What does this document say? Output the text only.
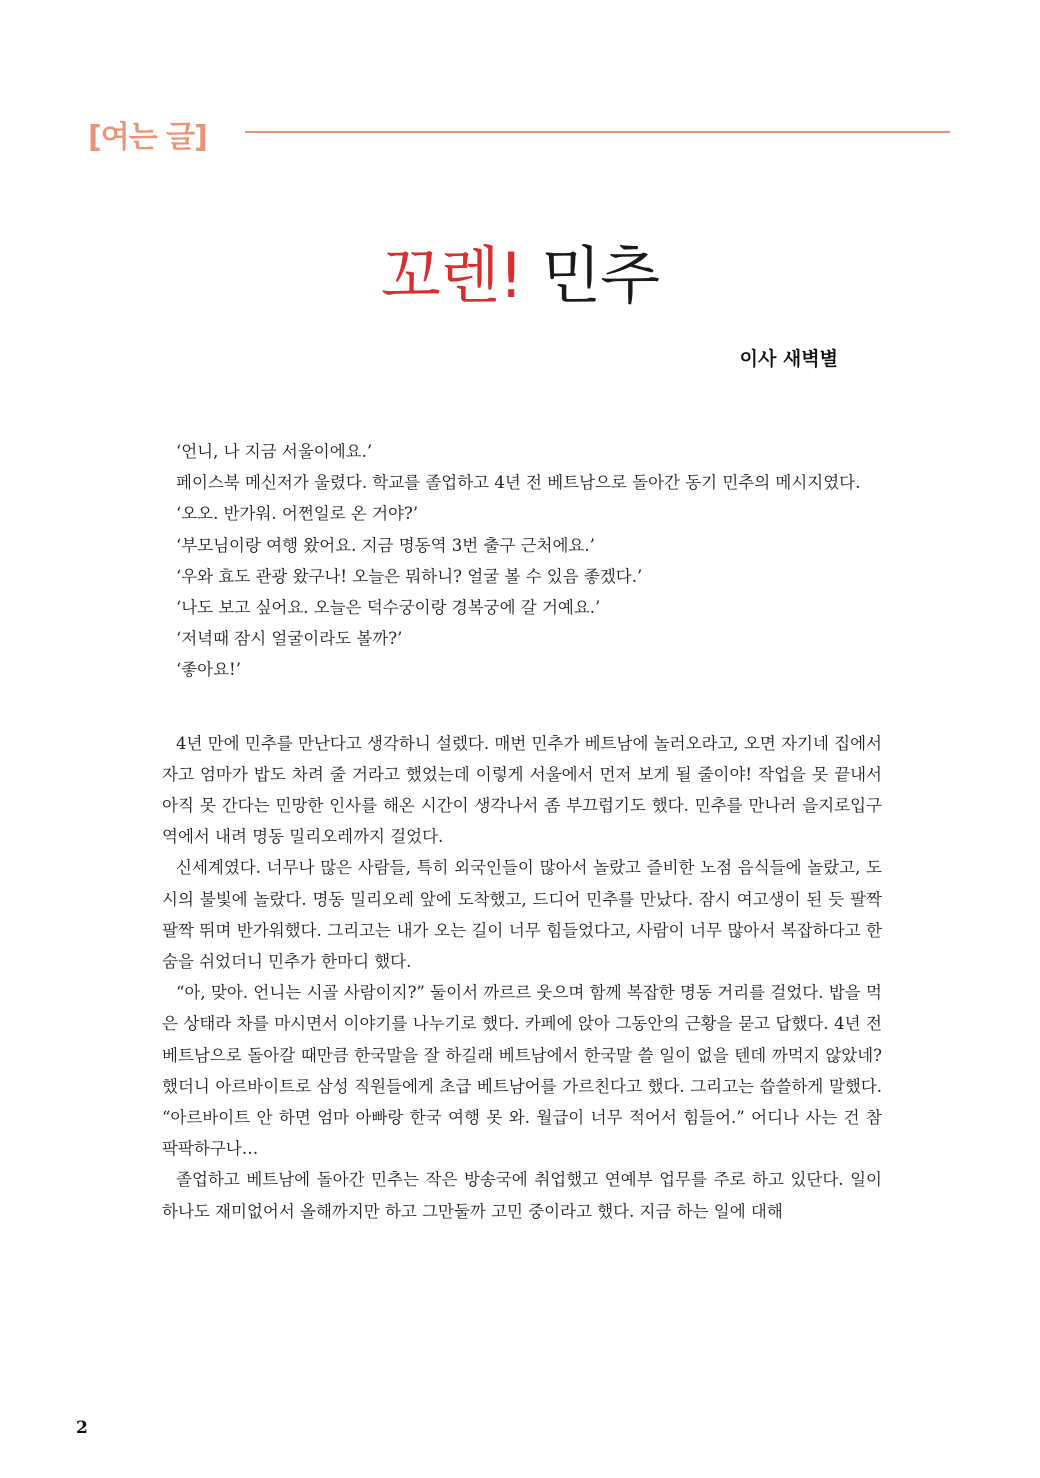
[여는 글]
꼬렌! 민추
이사 새벽별

‘언니, 나 지금 서울이에요.’

페이스북 메신저가 울렸다. 학교를 졸업하고 4년 전 베트남으로 돌아간 동기 민추의 메시지였다.

‘오오. 반가워. 어쩐일로 온 거야?’

‘부모님이랑 여행 왔어요. 지금 명동역 3번 출구 근처에요.’

‘우와 효도 관광 왔구나! 오늘은 뭐하니? 얼굴 볼 수 있음 좋겠다.’

‘나도 보고 싶어요. 오늘은 덕수궁이랑 경복궁에 갈 거예요.’

‘저녁때 잠시 얼굴이라도 볼까?’

‘좋아요!’

4년 만에 민추를 만난다고 생각하니 설렜다. 매번 민추가 베트남에 놀러오라고, 오면 자기네 집에서 자고 엄마가 밥도 차려 줄 거라고 했었는데 이렇게 서울에서 먼저 보게 될 줄이야! 작업을 못 끝내서 아직 못 간다는 민망한 인사를 해온 시간이 생각나서 좀 부끄럽기도 했다. 민추를 만나러 을지로입구역에서 내려 명동 밀리오레까지 걸었다.

신세계였다. 너무나 많은 사람들, 특히 외국인들이 많아서 놀랐고 즐비한 노점 음식들에 놀랐고, 도시의 불빛에 놀랐다. 명동 밀리오레 앞에 도착했고, 드디어 민추를 만났다. 잠시 여고생이 된 듯 팔짝팔짝 뛰며 반가워했다. 그리고는 내가 오는 길이 너무 힘들었다고, 사람이 너무 많아서 복잡하다고 한숨을 쉬었더니 민추가 한마디 했다.

“아, 맞아. 언니는 시골 사람이지?” 둘이서 까르르 웃으며 함께 복잡한 명동 거리를 걸었다. 밥을 먹은 상태라 차를 마시면서 이야기를 나누기로 했다. 카페에 앉아 그동안의 근황을 묻고 답했다. 4년 전 베트남으로 돌아갈 때만큼 한국말을 잘 하길래 베트남에서 한국말 쓸 일이 없을 텐데 까먹지 않았네? 했더니 아르바이트로 삼성 직원들에게 초급 베트남어를 가르친다고 했다. 그리고는 씁쓸하게 말했다. “아르바이트 안 하면 엄마 아빠랑 한국 여행 못 와. 월급이 너무 적어서 힘들어.” 어디나 사는 건 참 팍팍하구나…

졸업하고 베트남에 돌아간 민추는 작은 방송국에 취업했고 연예부 업무를 주로 하고 있단다. 일이 하나도 재미없어서 올해까지만 하고 그만둘까 고민 중이라고 했다. 지금 하는 일에 대해

2
